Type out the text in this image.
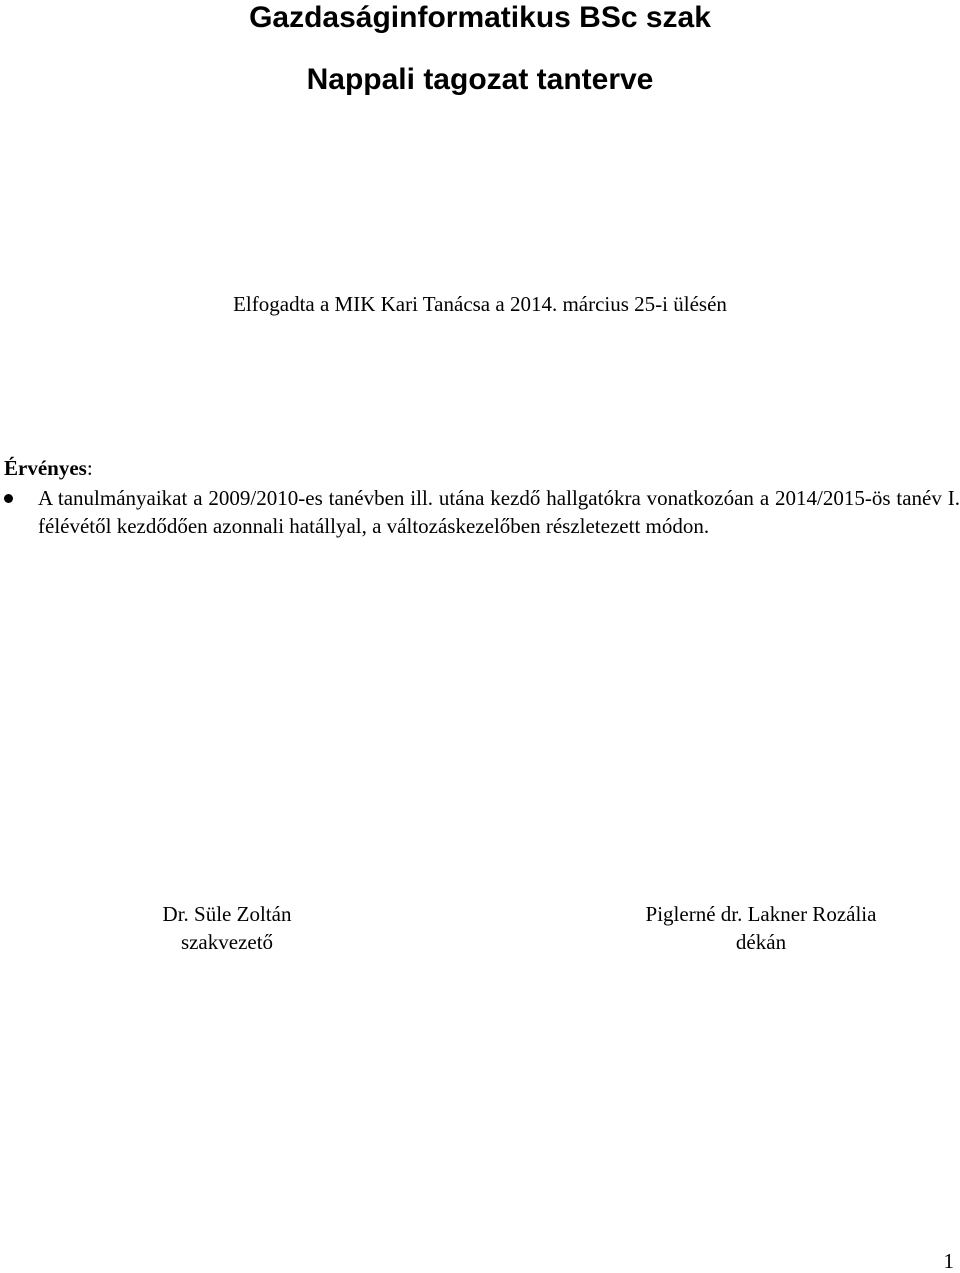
Gazdaságinformatikus BSc szak
Nappali tagozat tanterve
Elfogadta a MIK Kari Tanácsa a 2014. március 25-i ülésén
Érvényes:
A tanulmányaikat a 2009/2010-es tanévben ill. utána kezdő hallgatókra vonatkozóan a 2014/2015-ös tanév I. félévétől kezdődően azonnali hatállyal, a változáskezelőben részletezett módon.
Dr. Süle Zoltán
szakvezető
Piglerné dr. Lakner Rozália
dékán
1
